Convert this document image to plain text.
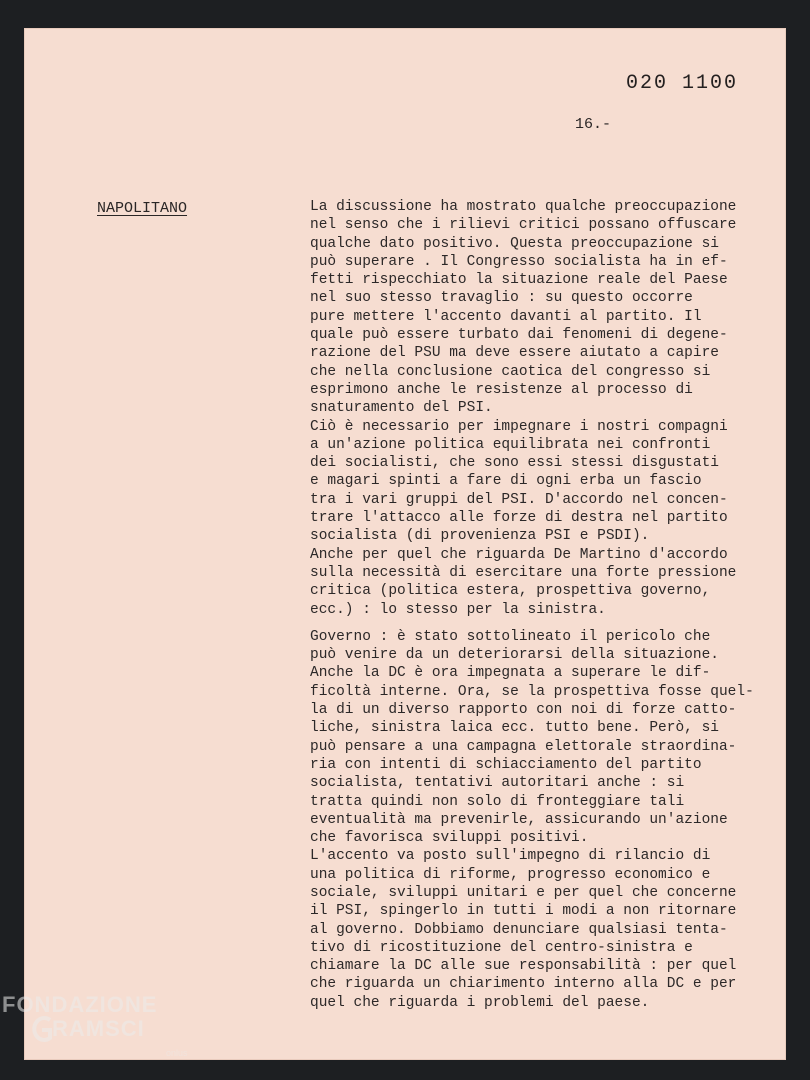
020 1100
16.-
NAPOLITANO	La discussione ha mostrato qualche preoccupazione
nel senso che i rilievi critici possano offuscare
qualche dato positivo. Questa preoccupazione si
può superare . Il Congresso socialista ha in ef-
fetti rispecchiato la situazione reale del Paese
nel suo stesso travaglio : su questo occorre
pure mettere l'accento davanti al partito. Il
quale può essere turbato dai fenomeni di degene-
razione del PSU ma deve essere aiutato a capire
che nella conclusione caotica del congresso si
esprimono anche le resistenze al processo di
snaturamento del PSI.
Ciò è necessario per impegnare i nostri compagni
a un'azione politica equilibrata nei confronti
dei socialisti, che sono essi stessi disgustati
e magari spinti a fare di ogni erba un fascio
tra i vari gruppi del PSI. D'accordo nel concen-
trare l'attacco alle forze di destra nel partito
socialista (di provenienza PSI e PSDI).
Anche per quel che riguarda De Martino d'accordo
sulla necessità di esercitare una forte pressione
critica (politica estera, prospettiva governo,
ecc.) : lo stesso per la sinistra.
Governo : è stato sottolineato il pericolo che
può venire da un deteriorarsi della situazione.
Anche la DC è ora impegnata a superare le dif-
ficoltà interne. Ora, se la prospettiva fosse quel-
la di un diverso rapporto con noi di forze catto-
liche, sinistra laica ecc. tutto bene. Però, si
può pensare a una campagna elettorale straordina-
ria con intenti di schiacciamento del partito
socialista, tentativi autoritari anche : si
tratta quindi non solo di fronteggiare tali
eventualità ma prevenirle, assicurando un'azione
che favorisca sviluppi positivi.
L'accento va posto sull'impegno di rilancio di
una politica di riforme, progresso economico e
sociale, sviluppi unitari e per quel che concerne
il PSI, spingerlo in tutti i modi a non ritornare
al governo. Dobbiamo denunciare qualsiasi tenta-
tivo di ricostituzione del centro-sinistra e
chiamare la DC alle sue responsabilità : per quel
che riguarda un chiarimento interno alla DC e per
quel che riguarda i problemi del paese.
FONDAZIONE
RAMSCI
onlus
